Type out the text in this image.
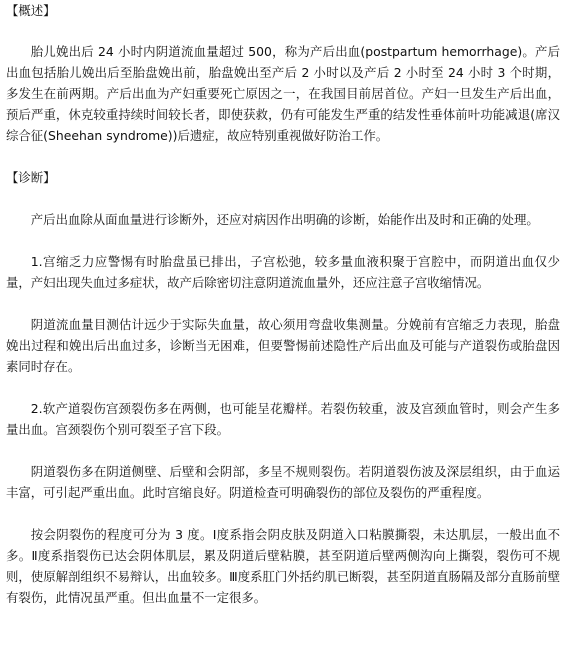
【概述】

胎儿娩出后 24 小时内阴道流血量超过 500，称为产后出血(postpartum hemorrhage)。产后出血包括胎儿娩出后至胎盘娩出前，胎盘娩出至产后 2 小时以及产后 2 小时至 24 小时 3 个时期，多发生在前两期。产后出血为产妇重要死亡原因之一，在我国目前居首位。产妇一旦发生产后出血，预后严重，休克较重持续时间较长者，即使获救，仍有可能发生严重的结发性垂体前叶功能减退(席汉综合征(Sheehan syndrome))后遗症，故应特别重视做好防治工作。

【诊断】

产后出血除从面血量进行诊断外，还应对病因作出明确的诊断，始能作出及时和正确的处理。

1.宫缩乏力应警惕有时胎盘虽已排出，子宫松弛，较多量血液积聚于宫腔中，而阴道出血仅少量，产妇出现失血过多症状，故产后除密切注意阴道流血量外，还应注意子宫收缩情况。

阴道流血量目测估计远少于实际失血量，故心须用弯盘收集测量。分娩前有宫缩乏力表现，胎盘娩出过程和娩出后出血过多，诊断当无困难，但要警惕前述隐性产后出血及可能与产道裂伤或胎盘因素同时存在。

2.软产道裂伤宫颈裂伤多在两侧，也可能呈花瓣样。若裂伤较重，波及宫颈血管时，则会产生多量出血。宫颈裂伤个别可裂至子宫下段。

阴道裂伤多在阴道侧壁、后壁和会阴部，多呈不规则裂伤。若阴道裂伤波及深层组织，由于血运丰富，可引起严重出血。此时宫缩良好。阴道检查可明确裂伤的部位及裂伤的严重程度。

按会阴裂伤的程度可分为 3 度。Ⅰ度系指会阴皮肤及阴道入口粘膜撕裂，未达肌层，一般出血不多。Ⅱ度系指裂伤已达会阴体肌层，累及阴道后壁粘膜，甚至阴道后壁两侧沟向上撕裂，裂伤可不规则，使原解剖组织不易辩认，出血较多。Ⅲ度系肛门外括约肌已断裂，甚至阴道直肠隔及部分直肠前壁有裂伤，此情况虽严重。但出血量不一定很多。
